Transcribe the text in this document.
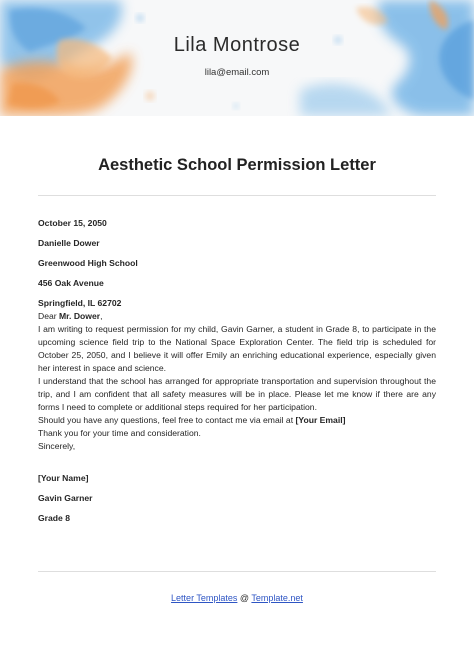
Lila Montrose
lila@email.com
Aesthetic School Permission Letter
October 15, 2050
Danielle Dower
Greenwood High School
456 Oak Avenue
Springfield, IL 62702
Dear Mr. Dower,

I am writing to request permission for my child, Gavin Garner, a student in Grade 8, to participate in the upcoming science field trip to the National Space Exploration Center. The field trip is scheduled for October 25, 2050, and I believe it will offer Emily an enriching educational experience, especially given her interest in space and science.

I understand that the school has arranged for appropriate transportation and supervision throughout the trip, and I am confident that all safety measures will be in place. Please let me know if there are any forms I need to complete or additional steps required for her participation.

Should you have any questions, feel free to contact me via email at [Your Email]

Thank you for your time and consideration.
Sincerely,
[Your Name]
Gavin Garner
Grade 8
Letter Templates @ Template.net
